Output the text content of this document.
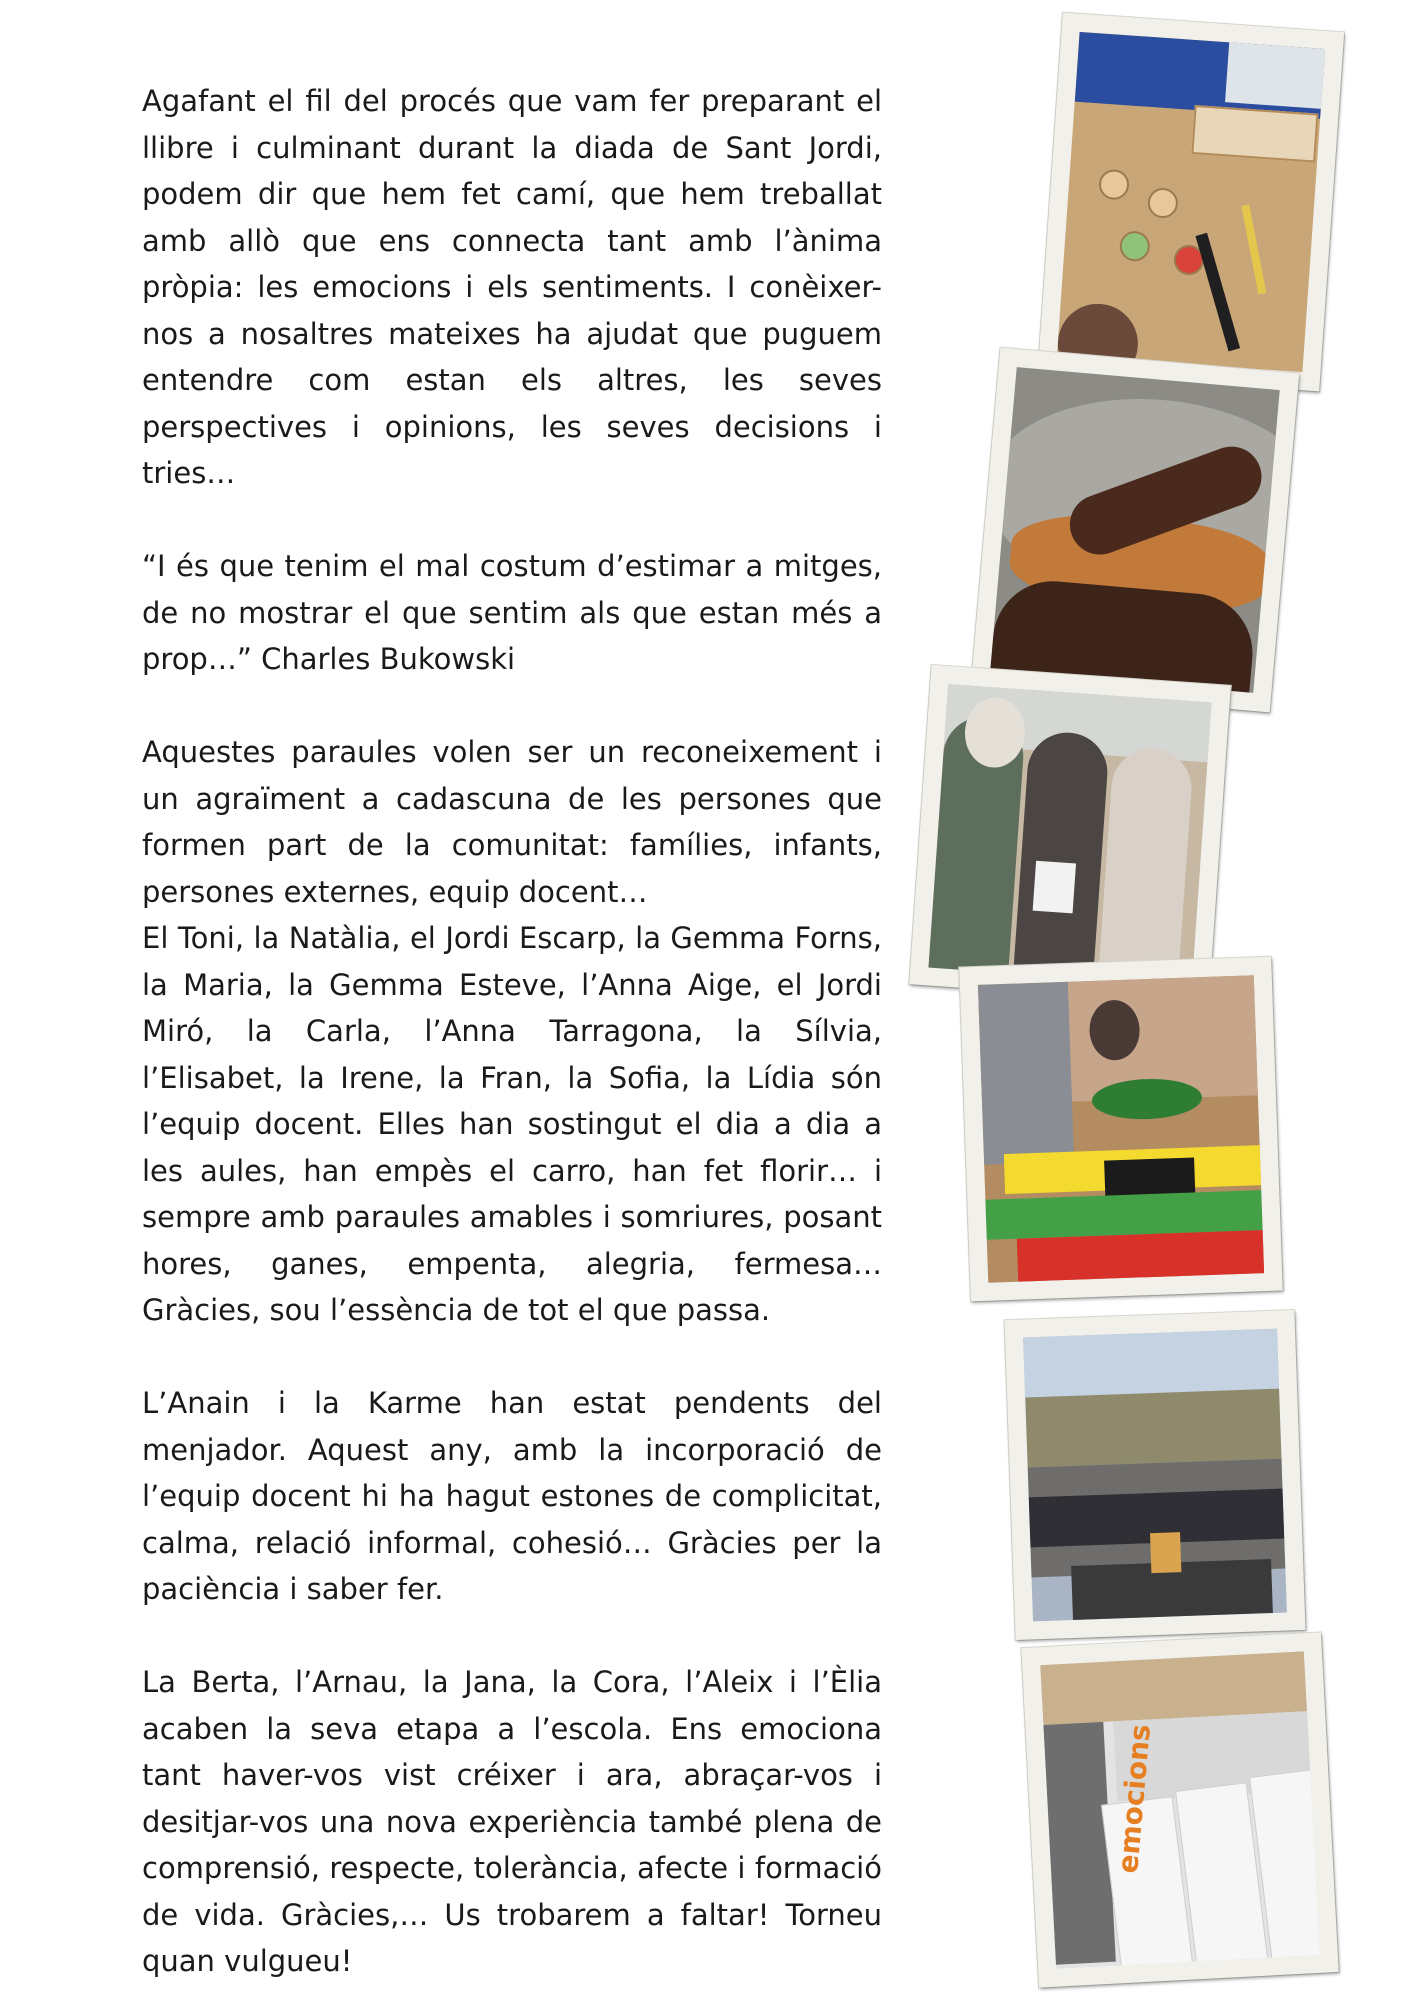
Agafant el fil del procés que vam fer preparant el llibre i culminant durant la diada de Sant Jordi, podem dir que hem fet camí, que hem treballat amb allò que ens connecta tant amb l’ànima pròpia: les emocions i els sentiments. I conèixer-nos a nosaltres mateixes ha ajudat que puguem entendre com estan els altres, les seves perspectives i opinions, les seves decisions i tries…

“I és que tenim el mal costum d’estimar a mitges, de no mostrar el que sentim als que estan més a prop…” Charles Bukowski

Aquestes paraules volen ser un reconeixement i un agraïment a cadascuna de les persones que formen part de la comunitat: famílies, infants, persones externes, equip docent…

El Toni, la Natàlia, el Jordi Escarp, la Gemma Forns, la Maria, la Gemma Esteve, l’Anna Aige, el Jordi Miró, la Carla, l’Anna Tarragona, la Sílvia, l’Elisabet, la Irene, la Fran, la Sofia, la Lídia són l’equip docent. Elles han sostingut el dia a dia a les aules, han empès el carro, han fet florir… i sempre amb paraules amables i somriures, posant hores, ganes, empenta, alegria, fermesa… Gràcies, sou l’essència de tot el que passa.

L’Anain i la Karme han estat pendents del menjador. Aquest any, amb la incorporació de l’equip docent hi ha hagut estones de complicitat, calma, relació informal, cohesió… Gràcies per la paciència i saber fer.

La Berta, l’Arnau, la Jana, la Cora, l’Aleix i l’Èlia acaben la seva etapa a l’escola. Ens emociona tant haver-vos vist créixer i ara, abraçar-vos i desitjar-vos una nova experiència també plena de comprensió, respecte, tolerància, afecte i formació de vida. Gràcies,… Us trobarem a faltar! Torneu quan vulgueu!

emocions
